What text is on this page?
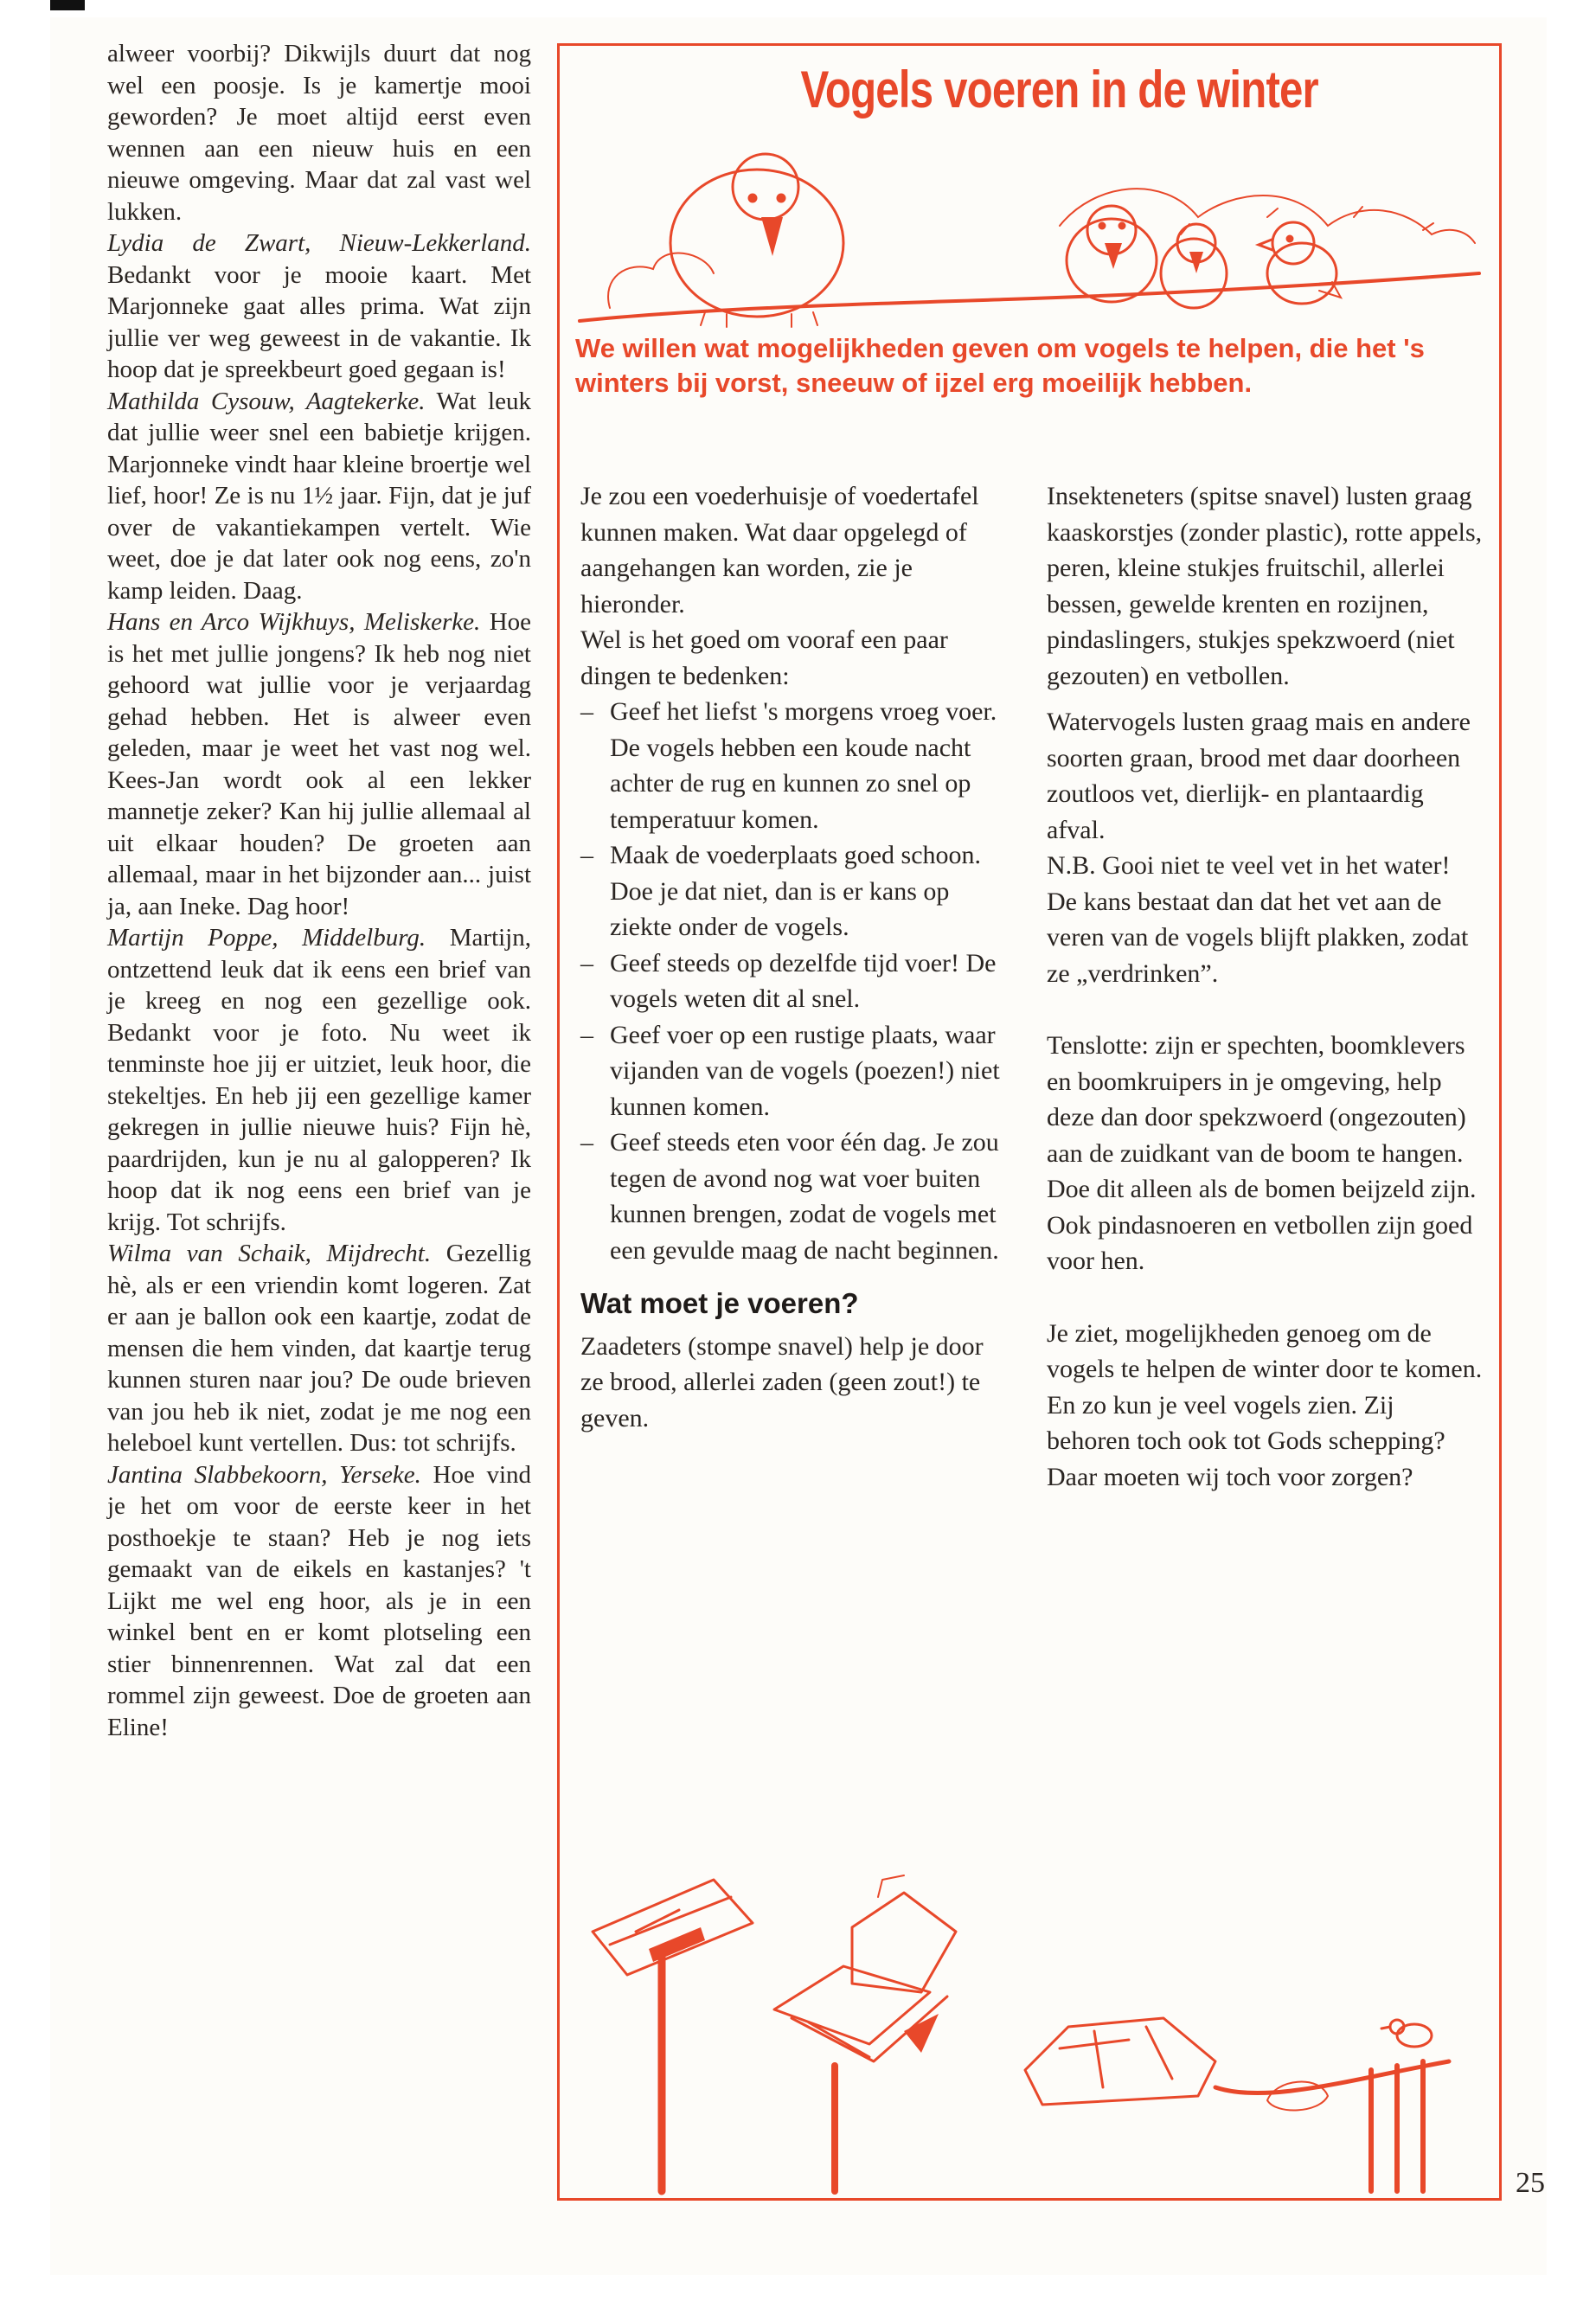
alweer voorbij? Dikwijls duurt dat nog wel een poosje. Is je kamertje mooi geworden? Je moet altijd eerst even wennen aan een nieuw huis en een nieuwe omgeving. Maar dat zal vast wel lukken.

Lydia de Zwart, Nieuw-Lekkerland. Bedankt voor je mooie kaart. Met Marjonneke gaat alles prima. Wat zijn jullie ver weg geweest in de vakantie. Ik hoop dat je spreekbeurt goed gegaan is!

Mathilda Cysouw, Aagtekerke. Wat leuk dat jullie weer snel een babietje krijgen. Marjonneke vindt haar kleine broertje wel lief, hoor! Ze is nu 1½ jaar. Fijn, dat je juf over de vakantiekampen vertelt. Wie weet, doe je dat later ook nog eens, zo'n kamp leiden. Daag.

Hans en Arco Wijkhuys, Meliskerke. Hoe is het met jullie jongens? Ik heb nog niet gehoord wat jullie voor je verjaardag gehad hebben. Het is alweer even geleden, maar je weet het vast nog wel. Kees-Jan wordt ook al een lekker mannetje zeker? Kan hij jullie allemaal al uit elkaar houden? De groeten aan allemaal, maar in het bijzonder aan... juist ja, aan Ineke. Dag hoor!

Martijn Poppe, Middelburg. Martijn, ontzettend leuk dat ik eens een brief van je kreeg en nog een gezellige ook. Bedankt voor je foto. Nu weet ik tenminste hoe jij er uitziet, leuk hoor, die stekeltjes. En heb jij een gezellige kamer gekregen in jullie nieuwe huis? Fijn hè, paardrijden, kun je nu al galopperen? Ik hoop dat ik nog eens een brief van je krijg. Tot schrijfs.

Wilma van Schaik, Mijdrecht. Gezellig hè, als er een vriendin komt logeren. Zat er aan je ballon ook een kaartje, zodat de mensen die hem vinden, dat kaartje terug kunnen sturen naar jou? De oude brieven van jou heb ik niet, zodat je me nog een heleboel kunt vertellen. Dus: tot schrijfs.

Jantina Slabbekoorn, Yerseke. Hoe vind je het om voor de eerste keer in het posthoekje te staan? Heb je nog iets gemaakt van de eikels en kastanjes? 't Lijkt me wel eng hoor, als je in een winkel bent en er komt plotseling een stier binnenrennen. Wat zal dat een rommel zijn geweest. Doe de groeten aan Eline!

Vogels voeren in de winter
We willen wat mogelijkheden geven om vogels te helpen, die het 's winters bij vorst, sneeuw of ijzel erg moeilijk hebben.

Je zou een voederhuisje of voedertafel kunnen maken. Wat daar opgelegd of aangehangen kan worden, zie je hieronder.

Wel is het goed om vooraf een paar dingen te bedenken:

– Geef het liefst 's morgens vroeg voer. De vogels hebben een koude nacht achter de rug en kunnen zo snel op temperatuur komen.
– Maak de voederplaats goed schoon. Doe je dat niet, dan is er kans op ziekte onder de vogels.
– Geef steeds op dezelfde tijd voer! De vogels weten dit al snel.
– Geef voer op een rustige plaats, waar vijanden van de vogels (poezen!) niet kunnen komen.
– Geef steeds eten voor één dag. Je zou tegen de avond nog wat voer buiten kunnen brengen, zodat de vogels met een gevulde maag de nacht beginnen.

Wat moet je voeren?

Zaadeters (stompe snavel) help je door ze brood, allerlei zaden (geen zout!) te geven.

Insekteneters (spitse snavel) lusten graag kaaskorstjes (zonder plastic), rotte appels, peren, kleine stukjes fruitschil, allerlei bessen, gewelde krenten en rozijnen, pindaslingers, stukjes spekzwoerd (niet gezouten) en vetbollen.

Watervogels lusten graag mais en andere soorten graan, brood met daar doorheen zoutloos vet, dierlijk- en plantaardig afval.

N.B. Gooi niet te veel vet in het water! De kans bestaat dan dat het vet aan de veren van de vogels blijft plakken, zodat ze „verdrinken”.

Tenslotte: zijn er spechten, boomklevers en boomkruipers in je omgeving, help deze dan door spekzwoerd (ongezouten) aan de zuidkant van de boom te hangen. Doe dit alleen als de bomen beijzeld zijn. Ook pindasnoeren en vetbollen zijn goed voor hen.

Je ziet, mogelijkheden genoeg om de vogels te helpen de winter door te komen. En zo kun je veel vogels zien. Zij behoren toch ook tot Gods schepping? Daar moeten wij toch voor zorgen?

25
